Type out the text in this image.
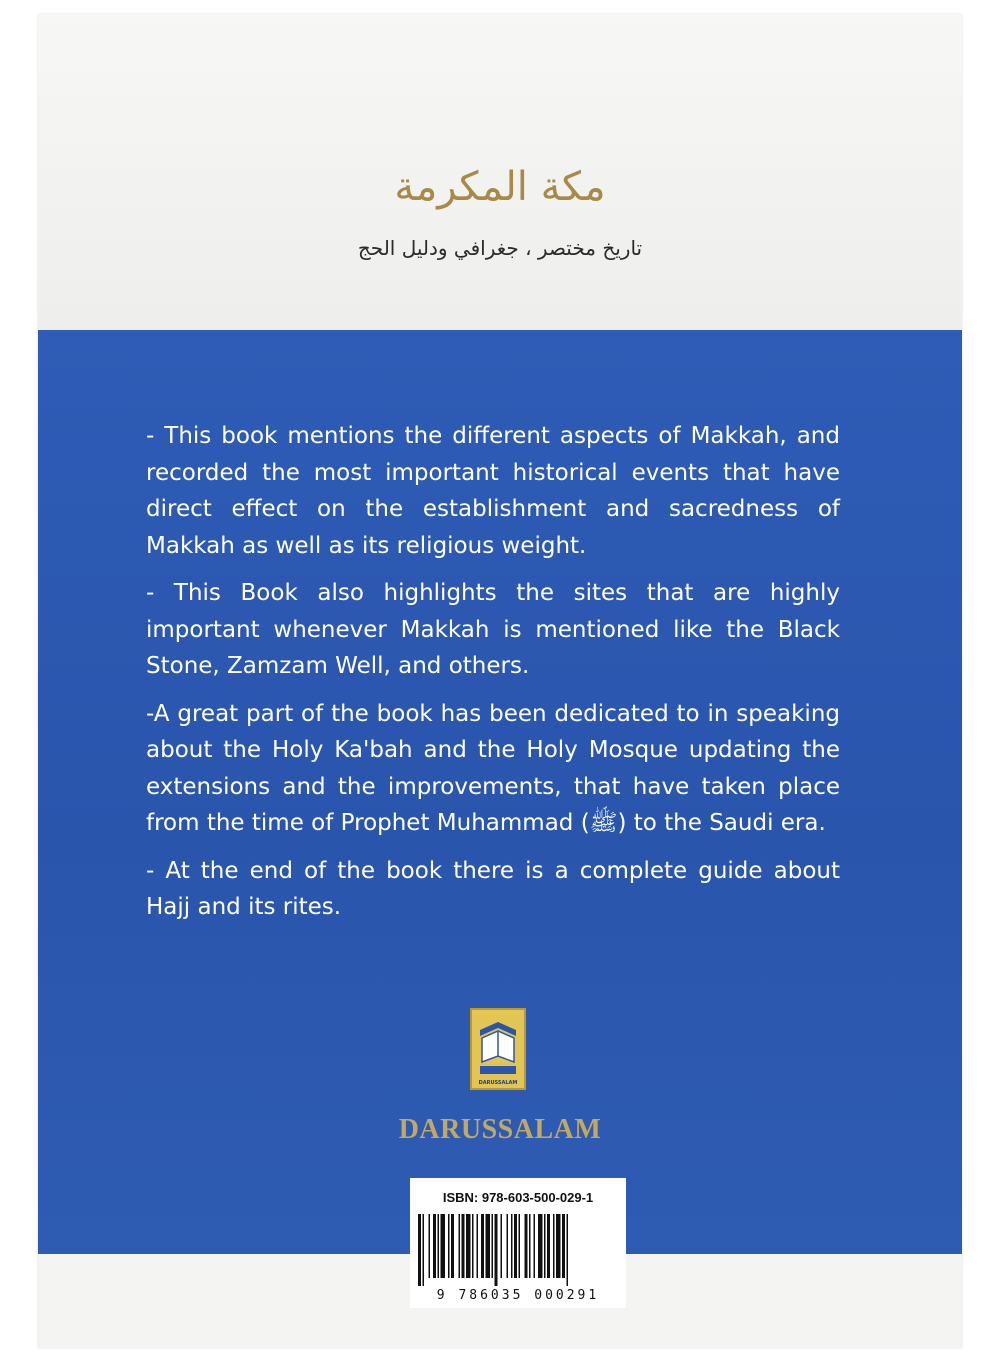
مكة المكرمة
تاريخ مختصر ، جغرافي ودليل الحج

- This book mentions the different aspects of Makkah, and recorded the most important historical events that have direct effect on the establishment and sacredness of Makkah as well as its religious weight.

- This Book also highlights the sites that are highly important whenever Makkah is mentioned like the Black Stone, Zamzam Well, and others.

-A great part of the book has been dedicated to in speaking about the Holy Ka'bah and the Holy Mosque updating the extensions and the improvements, that have taken place from the time of Prophet Muhammad (ﷺ) to the Saudi era.

- At the end of the book there is a complete guide about Hajj and its rites.

DARUSSALAM
DARUSSALAM
ISBN: 978-603-500-029-1
9 786035 000291
